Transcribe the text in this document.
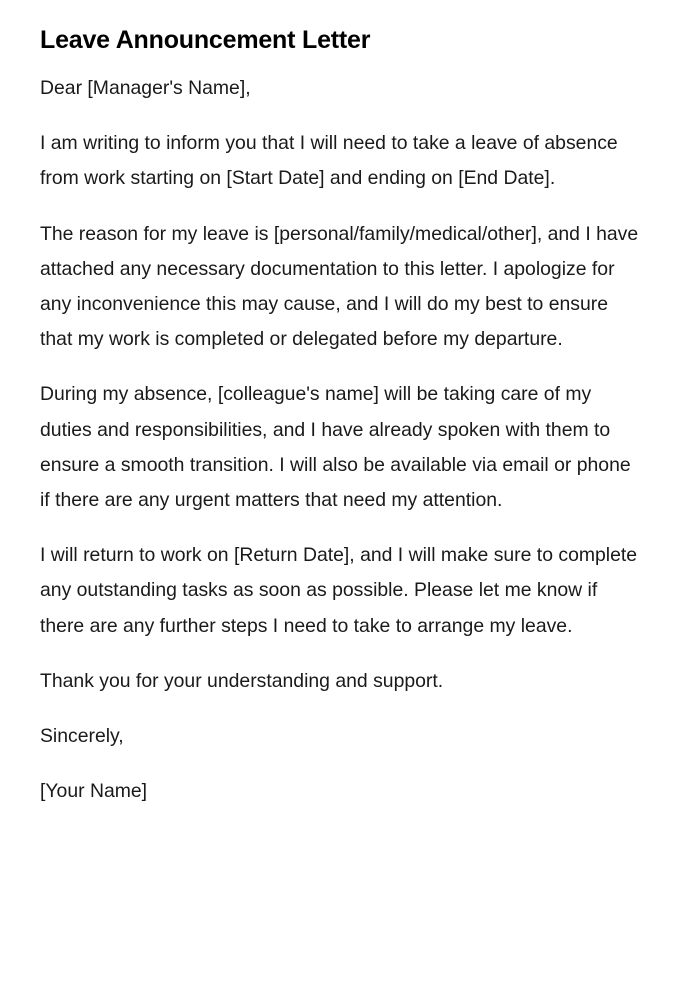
Leave Announcement Letter

Dear [Manager's Name],

I am writing to inform you that I will need to take a leave of absence from work starting on [Start Date] and ending on [End Date].

The reason for my leave is [personal/family/medical/other], and I have attached any necessary documentation to this letter. I apologize for any inconvenience this may cause, and I will do my best to ensure that my work is completed or delegated before my departure.

During my absence, [colleague's name] will be taking care of my duties and responsibilities, and I have already spoken with them to ensure a smooth transition. I will also be available via email or phone if there are any urgent matters that need my attention.

I will return to work on [Return Date], and I will make sure to complete any outstanding tasks as soon as possible. Please let me know if there are any further steps I need to take to arrange my leave.

Thank you for your understanding and support.

Sincerely,

[Your Name]
